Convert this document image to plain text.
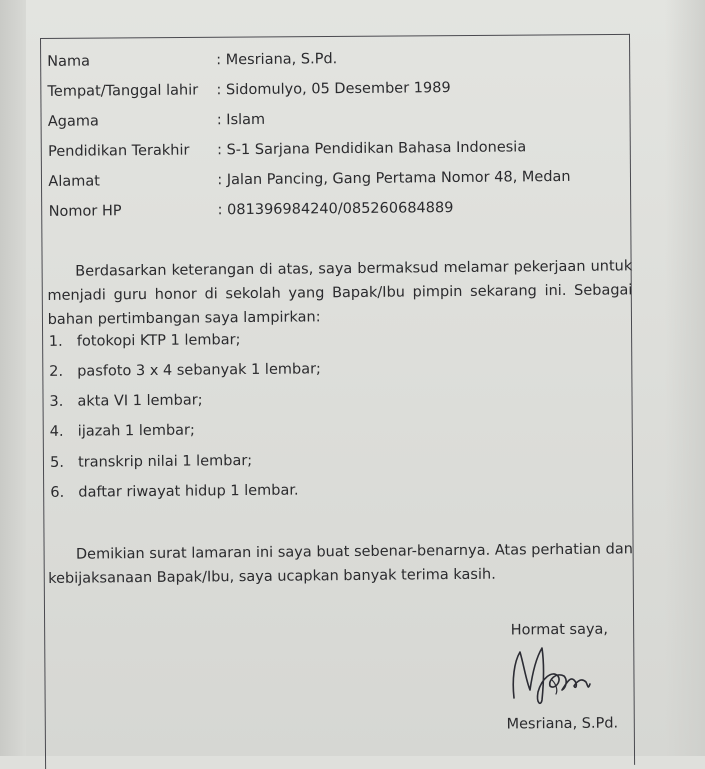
Nama	: Mesriana, S.Pd.
Tempat/Tanggal lahir : Sidomulyo, 05 Desember 1989
Agama	: Islam
Pendidikan Terakhir : S-1 Sarjana Pendidikan Bahasa Indonesia
Alamat	: Jalan Pancing, Gang Pertama Nomor 48, Medan
Nomor HP	: 081396984240/085260684889
Berdasarkan keterangan di atas, saya bermaksud melamar pekerjaan untuk menjadi guru honor di sekolah yang Bapak/Ibu pimpin sekarang ini. Sebagai bahan pertimbangan saya lampirkan:
1. fotokopi KTP 1 lembar;
2. pasfoto 3 x 4 sebanyak 1 lembar;
3. akta VI 1 lembar;
4. ijazah 1 lembar;
5. transkrip nilai 1 lembar;
6. daftar riwayat hidup 1 lembar.
Demikian surat lamaran ini saya buat sebenar-benarnya. Atas perhatian dan kebijaksanaan Bapak/Ibu, saya ucapkan banyak terima kasih.
Hormat saya,
Mesriana, S.Pd.
